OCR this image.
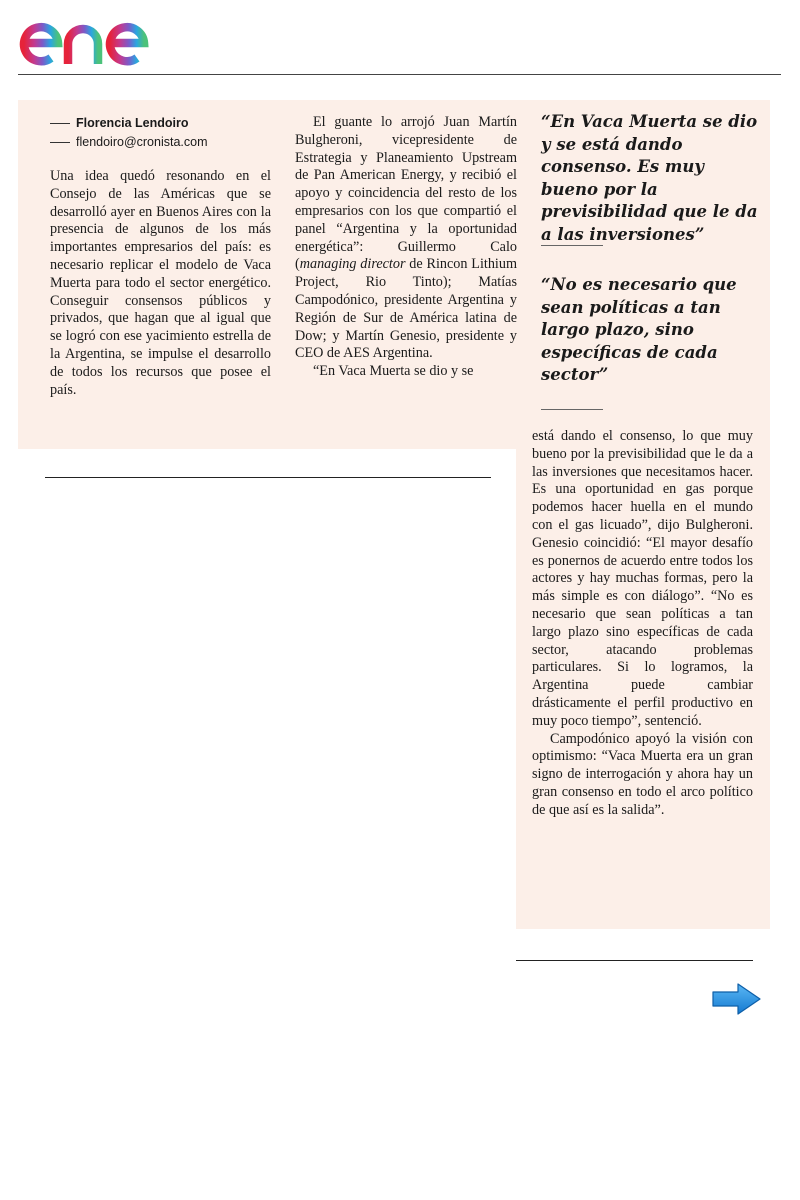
Florencia Lendoiro
flendoiro@cronista.com

Una idea quedó resonando en el Consejo de las Américas que se desarrolló ayer en Buenos Aires con la presencia de algunos de los más importantes empresarios del país: es necesario replicar el modelo de Vaca Muerta para todo el sector energético. Conseguir consensos públicos y privados, que hagan que al igual que se logró con ese yacimiento estrella de la Argentina, se impulse el desarrollo de todos los recursos que posee el país.

El guante lo arrojó Juan Martín Bulgheroni, vicepresidente de Estrategia y Planeamiento Upstream de Pan American Energy, y recibió el apoyo y coincidencia del resto de los empresarios con los que compartió el panel “Argentina y la oportunidad energética”: Guillermo Calo (managing director de Rincon Lithium Project, Rio Tinto); Matías Campodónico, presidente Argentina y Región de Sur de América latina de Dow; y Martín Genesio, presidente y CEO de AES Argentina.

“En Vaca Muerta se dio y se

“En Vaca Muerta se dio y se está dando consenso. Es muy bueno por la previsibilidad que le da a las inversiones”
“No es necesario que sean políticas a tan largo plazo, sino específicas de cada sector”

está dando el consenso, lo que muy bueno por la previsibilidad que le da a las inversiones que necesitamos hacer. Es una oportunidad en gas porque podemos hacer huella en el mundo con el gas licuado”, dijo Bulgheroni. Genesio coincidió: “El mayor desafío es ponernos de acuerdo entre todos los actores y hay muchas formas, pero la más simple es con diálogo”. “No es necesario que sean políticas a tan largo plazo sino específicas de cada sector, atacando problemas particulares. Si lo logramos, la Argentina puede cambiar drásticamente el perfil productivo en muy poco tiempo”, sentenció.

Campodónico apoyó la visión con optimismo: “Vaca Muerta era un gran signo de interrogación y ahora hay un gran consenso en todo el arco político de que así es la salida”.
